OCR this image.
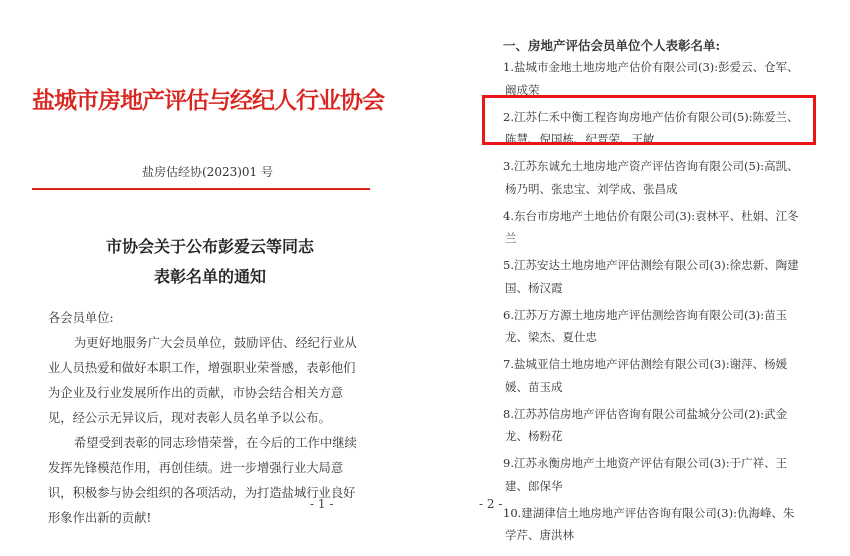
盐城市房地产评估与经纪人行业协会
盐房估经协(2023)01 号
市协会关于公布彭爱云等同志
表彰名单的通知

各会员单位:

为更好地服务广大会员单位，鼓励评估、经纪行业从业人员热爱和做好本职工作，增强职业荣誉感，表彰他们为企业及行业发展所作出的贡献，市协会结合相关方意见，经公示无异议后，现对表彰人员名单予以公布。

希望受到表彰的同志珍惜荣誉，在今后的工作中继续发挥先锋模范作用，再创佳绩。进一步增强行业大局意识，积极参与协会组织的各项活动，为打造盐城行业良好形象作出新的贡献!

- 1 -
一、房地产评估会员单位个人表彰名单:
1.盐城市金地土地房地产估价有限公司(3):彭爱云、仓军、阚成荣
2.江苏仁禾中衡工程咨询房地产估价有限公司(5):陈爱兰、陈慧、倪国栋、纪晋荣、王敏
3.江苏东诚允土地房地产资产评估咨询有限公司(5):高凯、杨乃明、张忠宝、刘学成、张昌成
4.东台市房地产土地估价有限公司(3):袁林平、杜娟、江冬兰
5.江苏安达土地房地产评估测绘有限公司(3):徐忠新、陶建国、杨汉霞
6.江苏万方源土地房地产评估测绘咨询有限公司(3):苗玉龙、梁杰、夏仕忠
7.盐城亚信土地房地产评估测绘有限公司(3):谢萍、杨媛媛、苗玉成
8.江苏苏信房地产评估咨询有限公司盐城分公司(2):武金龙、杨粉花
9.江苏永衡房地产土地资产评估有限公司(3):于广祥、王建、郎保华
10.建湖律信土地房地产评估咨询有限公司(3):仇海峰、朱学芹、唐洪林
- 2 -
